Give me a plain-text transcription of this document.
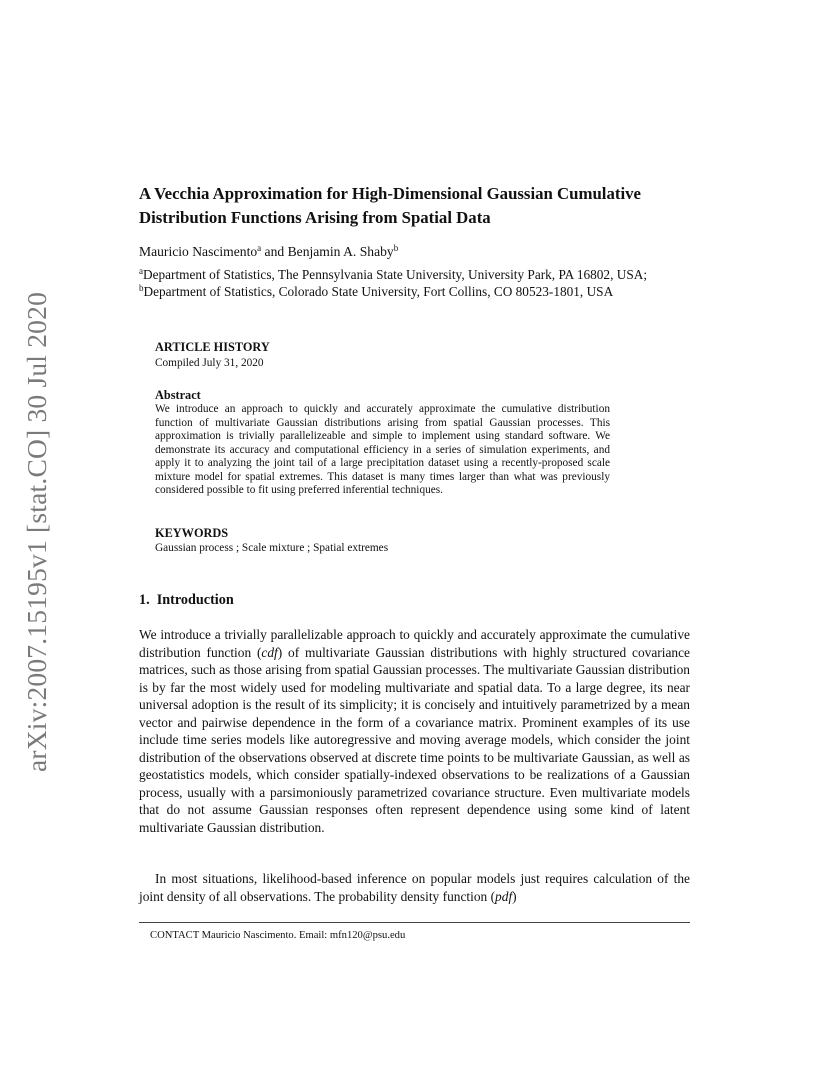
arXiv:2007.15195v1 [stat.CO] 30 Jul 2020
A Vecchia Approximation for High-Dimensional Gaussian Cumulative Distribution Functions Arising from Spatial Data
Mauricio Nascimento$^a$ and Benjamin A. Shaby$^b$
$^a$Department of Statistics, The Pennsylvania State University, University Park, PA 16802, USA; $^b$Department of Statistics, Colorado State University, Fort Collins, CO 80523-1801, USA

ARTICLE HISTORY

Compiled July 31, 2020

Abstract

We introduce an approach to quickly and accurately approximate the cumulative distribution function of multivariate Gaussian distributions arising from spatial Gaussian processes. This approximation is trivially parallelizeable and simple to implement using standard software. We demonstrate its accuracy and computational efficiency in a series of simulation experiments, and apply it to analyzing the joint tail of a large precipitation dataset using a recently-proposed scale mixture model for spatial extremes. This dataset is many times larger than what was previously considered possible to fit using preferred inferential techniques.

KEYWORDS

Gaussian process ; Scale mixture ; Spatial extremes

1.  Introduction

We introduce a trivially parallelizable approach to quickly and accurately approximate the cumulative distribution function (cdf) of multivariate Gaussian distributions with highly structured covariance matrices, such as those arising from spatial Gaussian processes. The multivariate Gaussian distribution is by far the most widely used for modeling multivariate and spatial data. To a large degree, its near universal adoption is the result of its simplicity; it is concisely and intuitively parametrized by a mean vector and pairwise dependence in the form of a covariance matrix. Prominent examples of its use include time series models like autoregressive and moving average models, which consider the joint distribution of the observations observed at discrete time points to be multivariate Gaussian, as well as geostatistics models, which consider spatially-indexed observations to be realizations of a Gaussian process, usually with a parsimoniously parametrized covariance structure. Even multivariate models that do not assume Gaussian responses often represent dependence using some kind of latent multivariate Gaussian distribution.

In most situations, likelihood-based inference on popular models just requires calculation of the joint density of all observations. The probability density function (pdf)

CONTACT Mauricio Nascimento. Email: mfn120@psu.edu
